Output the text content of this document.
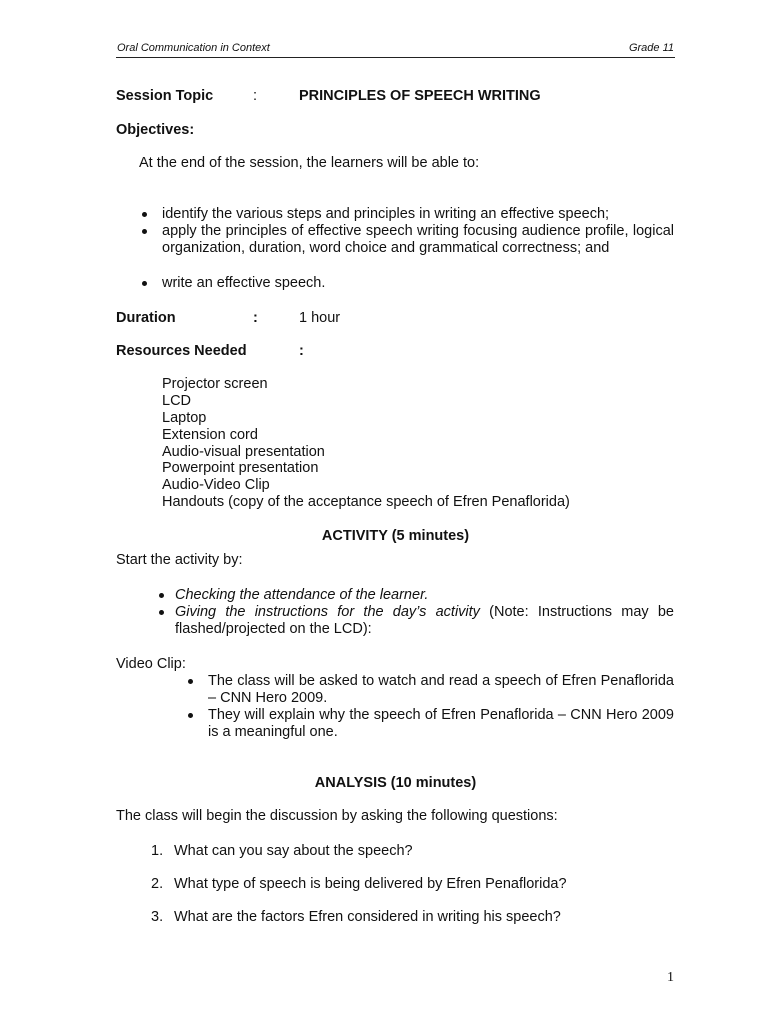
Oral Communication in Context	Grade 11
Session Topic	:	PRINCIPLES OF SPEECH WRITING
Objectives:
At the end of the session, the learners will be able to:
identify the various steps and principles in writing an effective speech;
apply the principles of effective speech writing focusing audience profile, logical organization, duration, word choice and grammatical correctness; and
write an effective speech.
Duration	:	1 hour
Resources Needed	:
Projector screen
LCD
Laptop
Extension cord
Audio-visual presentation
Powerpoint presentation
Audio-Video Clip
Handouts (copy of the acceptance speech of Efren Penaflorida)
ACTIVITY (5 minutes)
Start the activity by:
Checking the attendance of the learner.
Giving the instructions for the day’s activity (Note: Instructions may be flashed/projected on the LCD):
Video Clip:
The class will be asked to watch and read a speech of Efren Penaflorida – CNN Hero 2009.
They will explain why the speech of Efren Penaflorida – CNN Hero 2009 is a meaningful one.
ANALYSIS (10 minutes)
The class will begin the discussion by asking the following questions:
1. What can you say about the speech?
2. What type of speech is being delivered by Efren Penaflorida?
3. What are the factors Efren considered in writing his speech?
1
